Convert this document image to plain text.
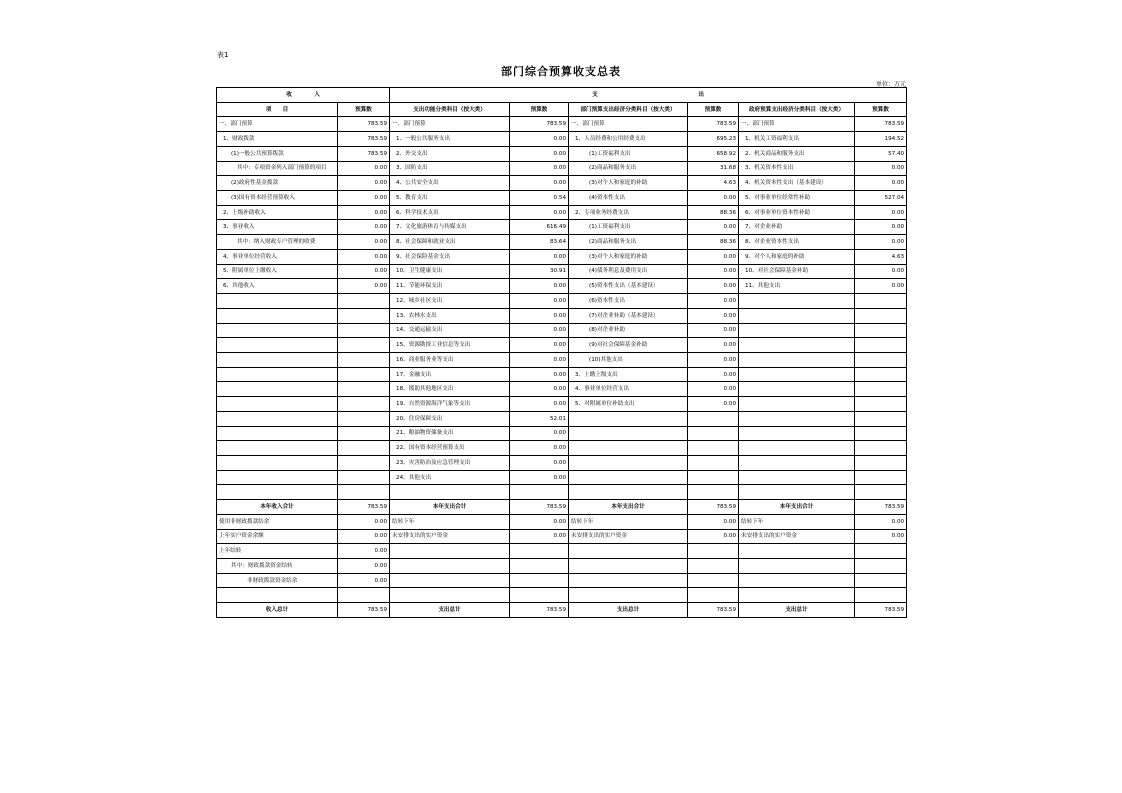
表1
部门综合预算收支总表
单位：万元
收　　　　入		支　　　　　　　　　　　　　　　　　　出					
项　　目	预算数	支出功能分类科目（按大类）	预算数	部门预算支出经济分类科目（按大类）	预算数	政府预算支出经济分类科目（按大类）	预算数
一、部门预算	783.59	一、部门预算	783.59	一、部门预算	783.59	一、部门预算	783.59
1、财政拨款	783.59	1、一般公共服务支出	0.00	1、人员经费和公用经费支出	695.23	1、机关工资福利支出	194.52
(1)一般公共预算拨款	783.59	2、外交支出	0.00	(1)工资福利支出	658.92	2、机关商品和服务支出	57.40
其中：专项资金列入部门预算的项目	0.00	3、国防支出	0.00	(2)商品和服务支出	31.68	3、机关资本性支出	0.00
(2)政府性基金拨款	0.00	4、公共安全支出	0.00	(3)对个人和家庭的补助	4.63	4、机关资本性支出（基本建设）	0.00
(3)国有资本经营预算收入	0.00	5、教育支出	0.54	(4)资本性支出	0.00	5、对事业单位经常性补助	527.04
2、上级补助收入	0.00	6、科学技术支出	0.00	2、专项业务经费支出	88.36	6、对事业单位资本性补助	0.00
3、事业收入	0.00	7、文化旅游体育与传媒支出	616.49	(1)工资福利支出	0.00	7、对企业补助	0.00
其中：纳入财政专户管理的收费	0.00	8、社会保障和就业支出	83.64	(2)商品和服务支出	88.36	8、对企业资本性支出	0.00
4、事业单位经营收入	0.00	9、社会保险基金支出	0.00	(3)对个人和家庭的补助	0.00	9、对个人和家庭的补助	4.63
5、附属单位上缴收入	0.00	10、卫生健康支出	30.91	(4)债务利息及费用支出	0.00	10、对社会保障基金补助	0.00
6、其他收入	0.00	11、节能环保支出	0.00	(5)资本性支出（基本建设）	0.00	11、其他支出	0.00
		12、城乡社区支出	0.00	(6)资本性支出	0.00		
		13、农林水支出	0.00	(7)对企业补助（基本建设）	0.00		
		14、交通运输支出	0.00	(8)对企业补助	0.00		
		15、资源勘探工业信息等支出	0.00	(9)对社会保障基金补助	0.00		
		16、商业服务业等支出	0.00	(10)其他支出	0.00		
		17、金融支出	0.00	3、上缴上级支出	0.00		
		18、援助其他地区支出	0.00	4、事业单位经营支出	0.00		
		19、自然资源海洋气象等支出	0.00	5、对附属单位补助支出	0.00		
		20、住房保障支出	52.01				
		21、粮油物资储备支出	0.00				
		22、国有资本经营预算支出	0.00				
		23、灾害防治及应急管理支出	0.00				
		24、其他支出	0.00				

本年收入合计	783.59	本年支出合计	783.59	本年支出合计	783.59	本年支出合计	783.59
使用非财政拨款结余	0.00	结转下年	0.00	结转下年	0.00	结转下年	0.00
上年实户资金余额	0.00	未安排支出的实户资金	0.00	未安排支出的实户资金	0.00	未安排支出的实户资金	0.00
上年结转	0.00						
其中：财政拨款资金结转	0.00						
非财政拨款资金结余	0.00						

收入总计	783.59	支出总计	783.59	支出总计	783.59	支出总计	783.59
